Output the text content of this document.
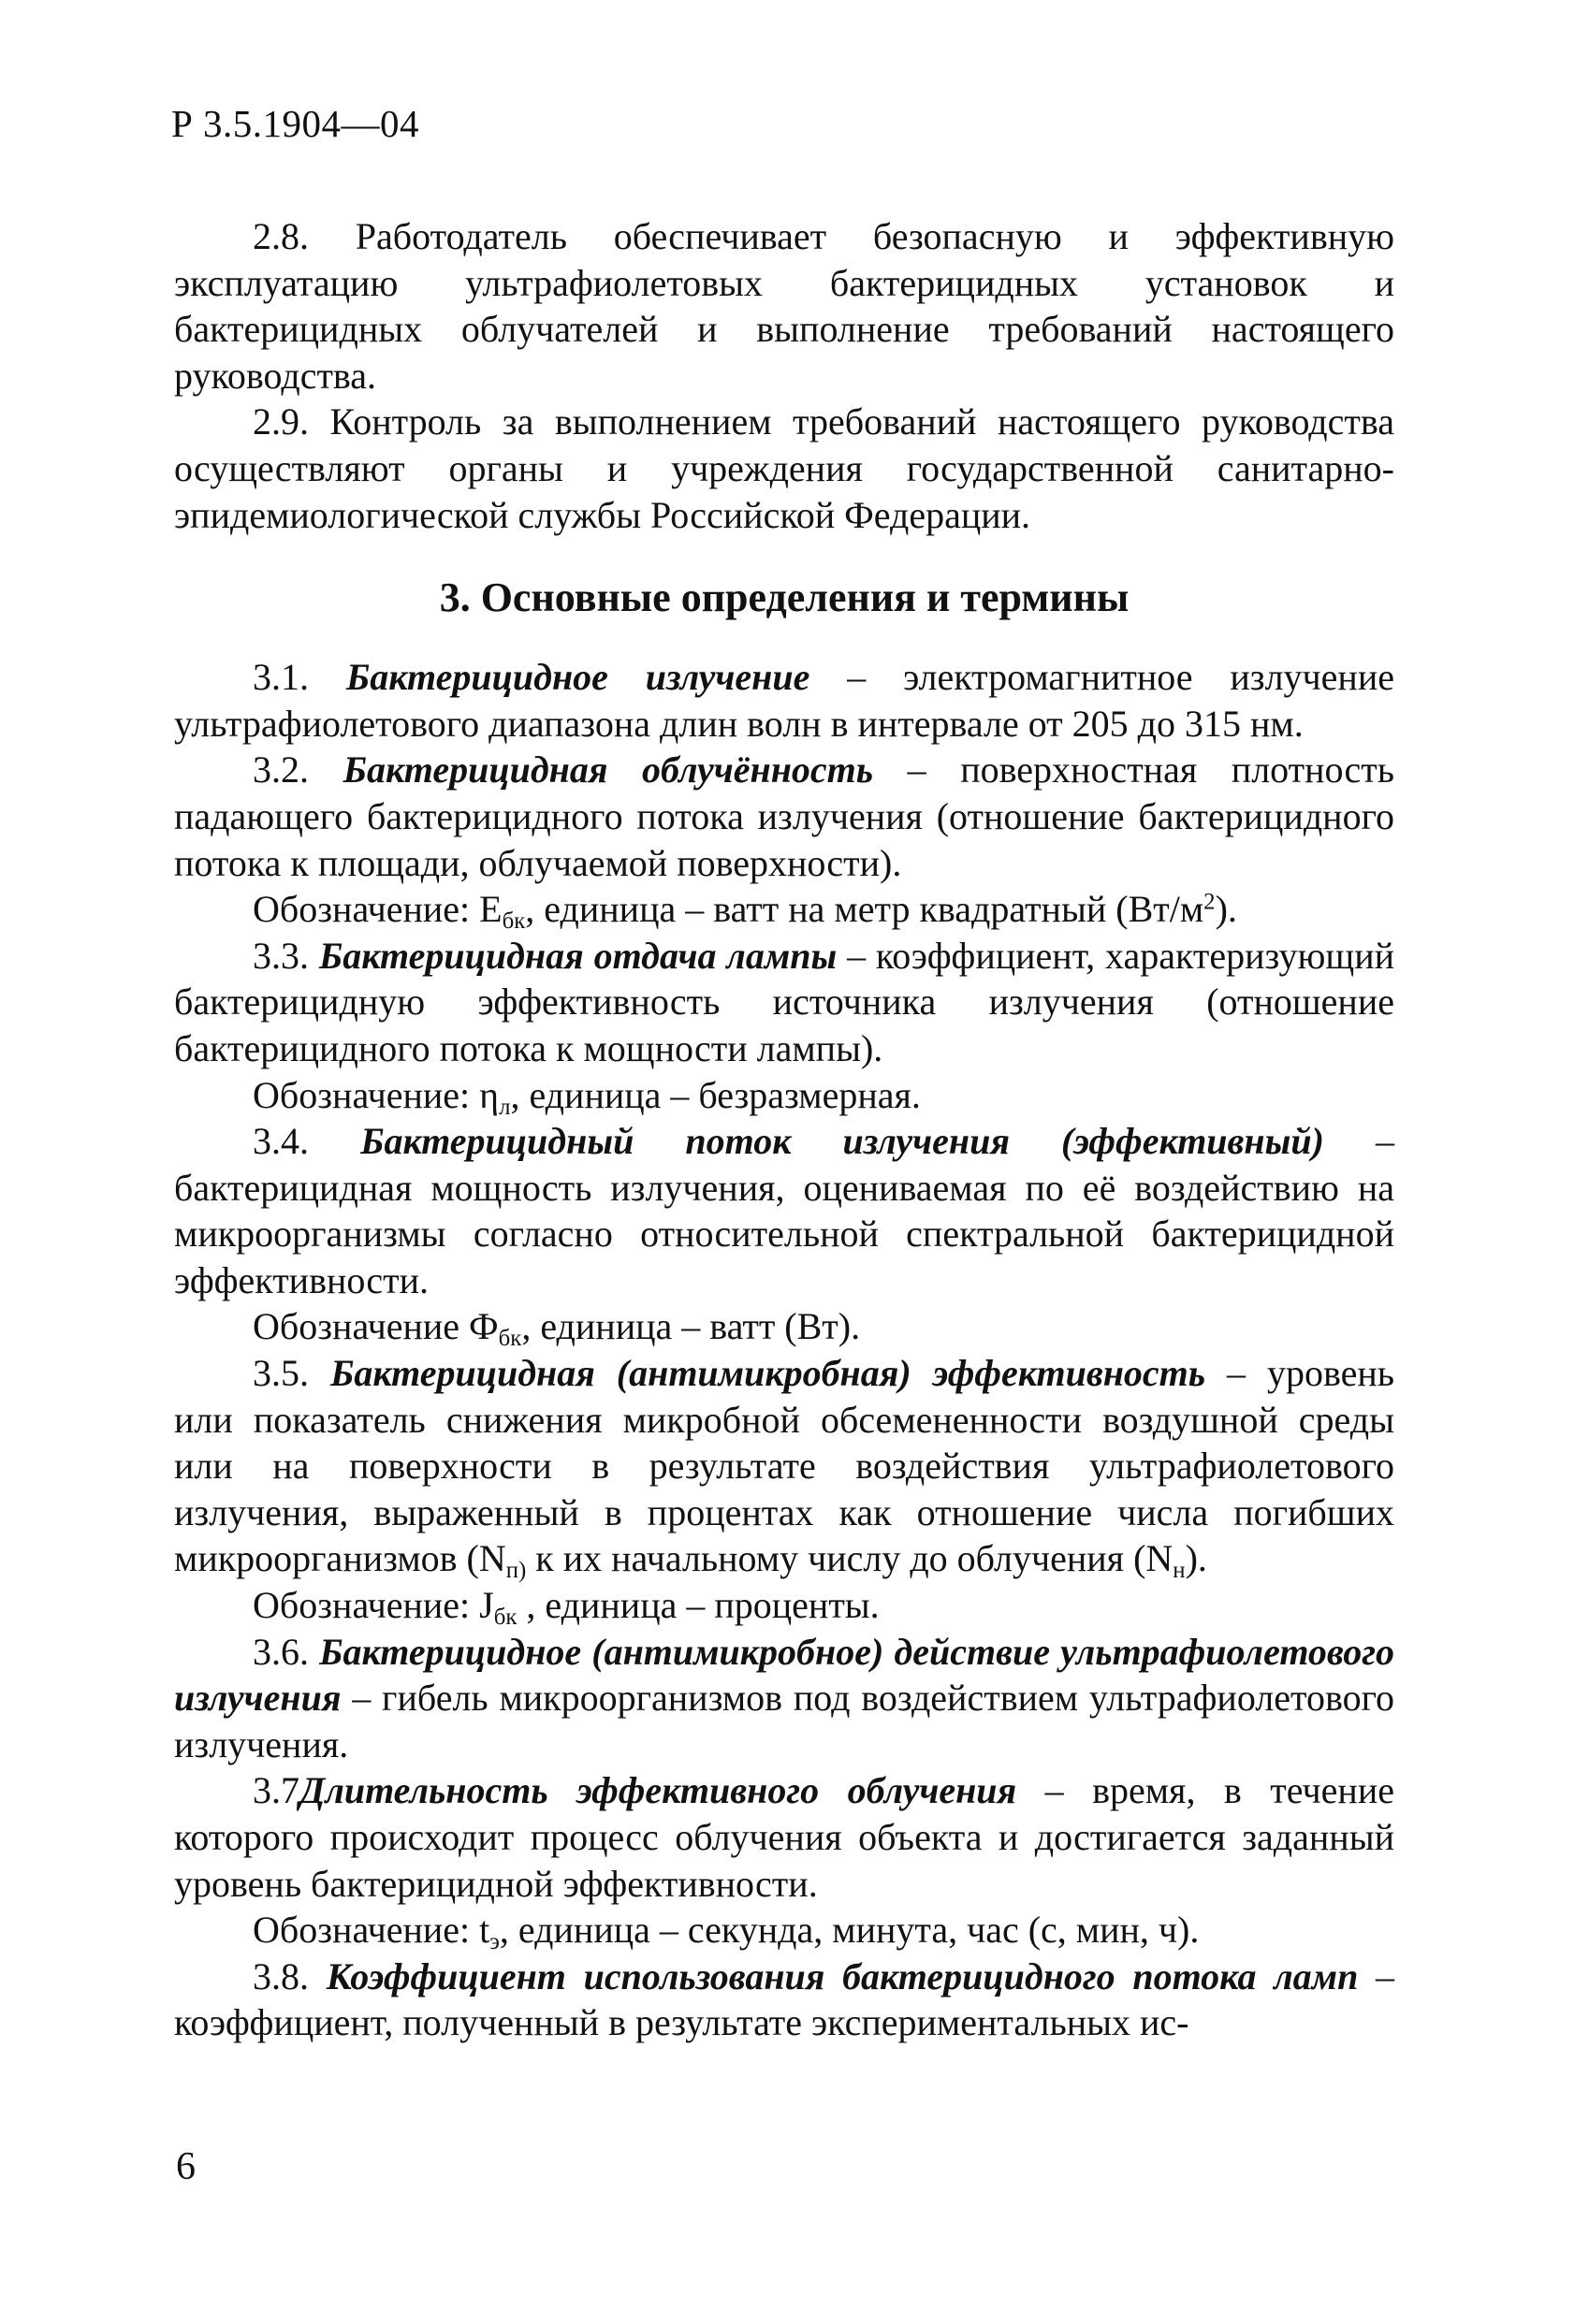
Р 3.5.1904—04

2.8. Работодатель обеспечивает безопасную и эффективную эксплуатацию ультрафиолетовых бактерицидных установок и бактерицидных облучателей и выполнение требований настоящего руководства.

2.9. Контроль за выполнением требований настоящего руководства осуществляют органы и учреждения государственной санитарно-эпидемиологической службы Российской Федерации.

3. Основные определения и термины

3.1. Бактерицидное излучение – электромагнитное излучение ультрафиолетового диапазона длин волн в интервале от 205 до 315 нм.

3.2. Бактерицидная облучённость – поверхностная плотность падающего бактерицидного потока излучения (отношение бактерицидного потока к площади, облучаемой поверхности).

Обозначение: $Е_{бк}$, единица – ватт на метр квадратный $(Вт/м^2)$.

3.3. Бактерицидная отдача лампы – коэффициент, характеризующий бактерицидную эффективность источника излучения (отношение бактерицидного потока к мощности лампы).

Обозначение: $\eta_л$, единица – безразмерная.

3.4. Бактерицидный поток излучения (эффективный) – бактерицидная мощность излучения, оцениваемая по её воздействию на микроорганизмы согласно относительной спектральной бактерицидной эффективности.

Обозначение $Ф_{бк}$, единица – ватт (Вт).

3.5. Бактерицидная (антимикробная) эффективность – уровень или показатель снижения микробной обсемененности воздушной среды или на поверхности в результате воздействия ультрафиолетового излучения, выраженный в процентах как отношение числа погибших микроорганизмов ($N_{п)}$ к их начальному числу до облучения $(N_н)$.

Обозначение: $J_{бк}$ , единица – проценты.

3.6. Бактерицидное (антимикробное) действие ультрафиолетового излучения – гибель микроорганизмов под воздействием ультрафиолетового излучения.

3.7Длительность эффективного облучения – время, в течение которого происходит процесс облучения объекта и достигается заданный уровень бактерицидной эффективности.

Обозначение: $t_э$, единица – секунда, минута, час (с, мин, ч).

3.8. Коэффициент использования бактерицидного потока ламп – коэффициент, полученный в результате экспериментальных ис-

6
